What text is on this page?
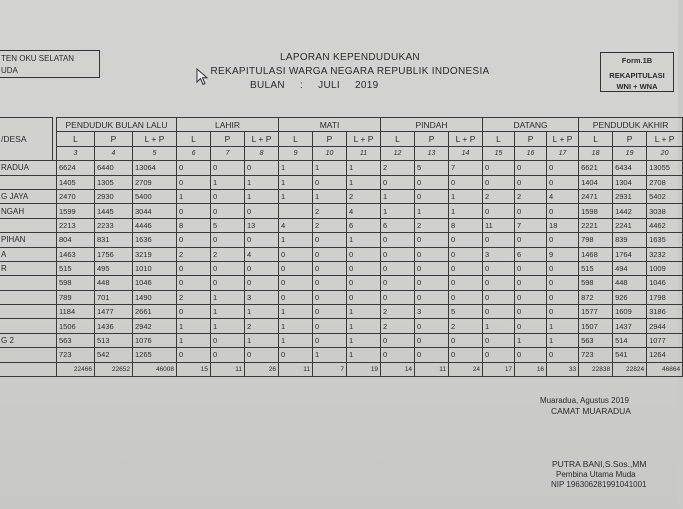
TEN OKU SELATAN
UDA
LAPORAN KEPENDUDUKAN
REKAPITULASI WARGA NEGARA REPUBLIK INDONESIA
BULAN : JULI 2019
Form.1B
REKAPITULASI
WNI + WNA
/DESA		PENDUDUK BULAN LALU			LAHIR			MATI			PINDAH			DATANG			PENDUDUK AKHIR		
		L	P	L + P	L	P	L + P	L	P	L + P	L	P	L + P	L	P	L + P	L	P	L + P
		3	4	5	6	7	8	9	10	11	12	13	14	15	16	17	18	19	20
RADUA		6624	6440	13064	0	0	0	1	1	1	2	5	7	0	0	0	6621	6434	13055
		1405	1305	2709	0	1	1	1	0	1	0	0	0	0	0	0	1404	1304	2708
G JAYA		2470	2930	5400	1	0	1	1	1	2	1	0	1	2	2	4	2471	2931	5402
NGAH		1599	1445	3044	0	0	0		2	4	1	1	1	0	0	0	1598	1442	3038
		2213	2233	4446	8	5	13	4	2	6	6	2	8	11	7	18	2221	2241	4462
PIHAN		804	831	1636	0	0	0	1	0	1	0	0	0	0	0	0	798	839	1635
A		1463	1756	3219	2	2	4	0	0	0	0	0	0	3	6	9	1468	1764	3232
R		515	495	1010	0	0	0	0	0	0	0	0	0	0	0	0	515	494	1009
		598	448	1046	0	0	0	0	0	0	0	0	0	0	0	0	598	448	1046
		789	701	1490	2	1	3	0	0	0	0	0	0	0	0	0	872	926	1798
		1184	1477	2661	0	1	1	1	0	1	2	3	5	0	0	0	1577	1609	3186
		1506	1436	2942	1	1	2	1	0	1	2	0	2	1	0	1	1507	1437	2944
G 2		563	513	1076	1	0	1	1	0	1	0	0	0	0	1	1	563	514	1077
		723	542	1265	0	0	0	0	1	1	0	0	0	0	0	0	723	541	1264
		22466	22652	46008	15	11	26	11	7	19	14	11	24	17	16	33	22838	22824	46864
Muaradua, Agustus 2019
CAMAT MUARADUA
PUTRA BANI,S.Sos.,MM
Pembina Utama Muda
NIP 196306281991041001
